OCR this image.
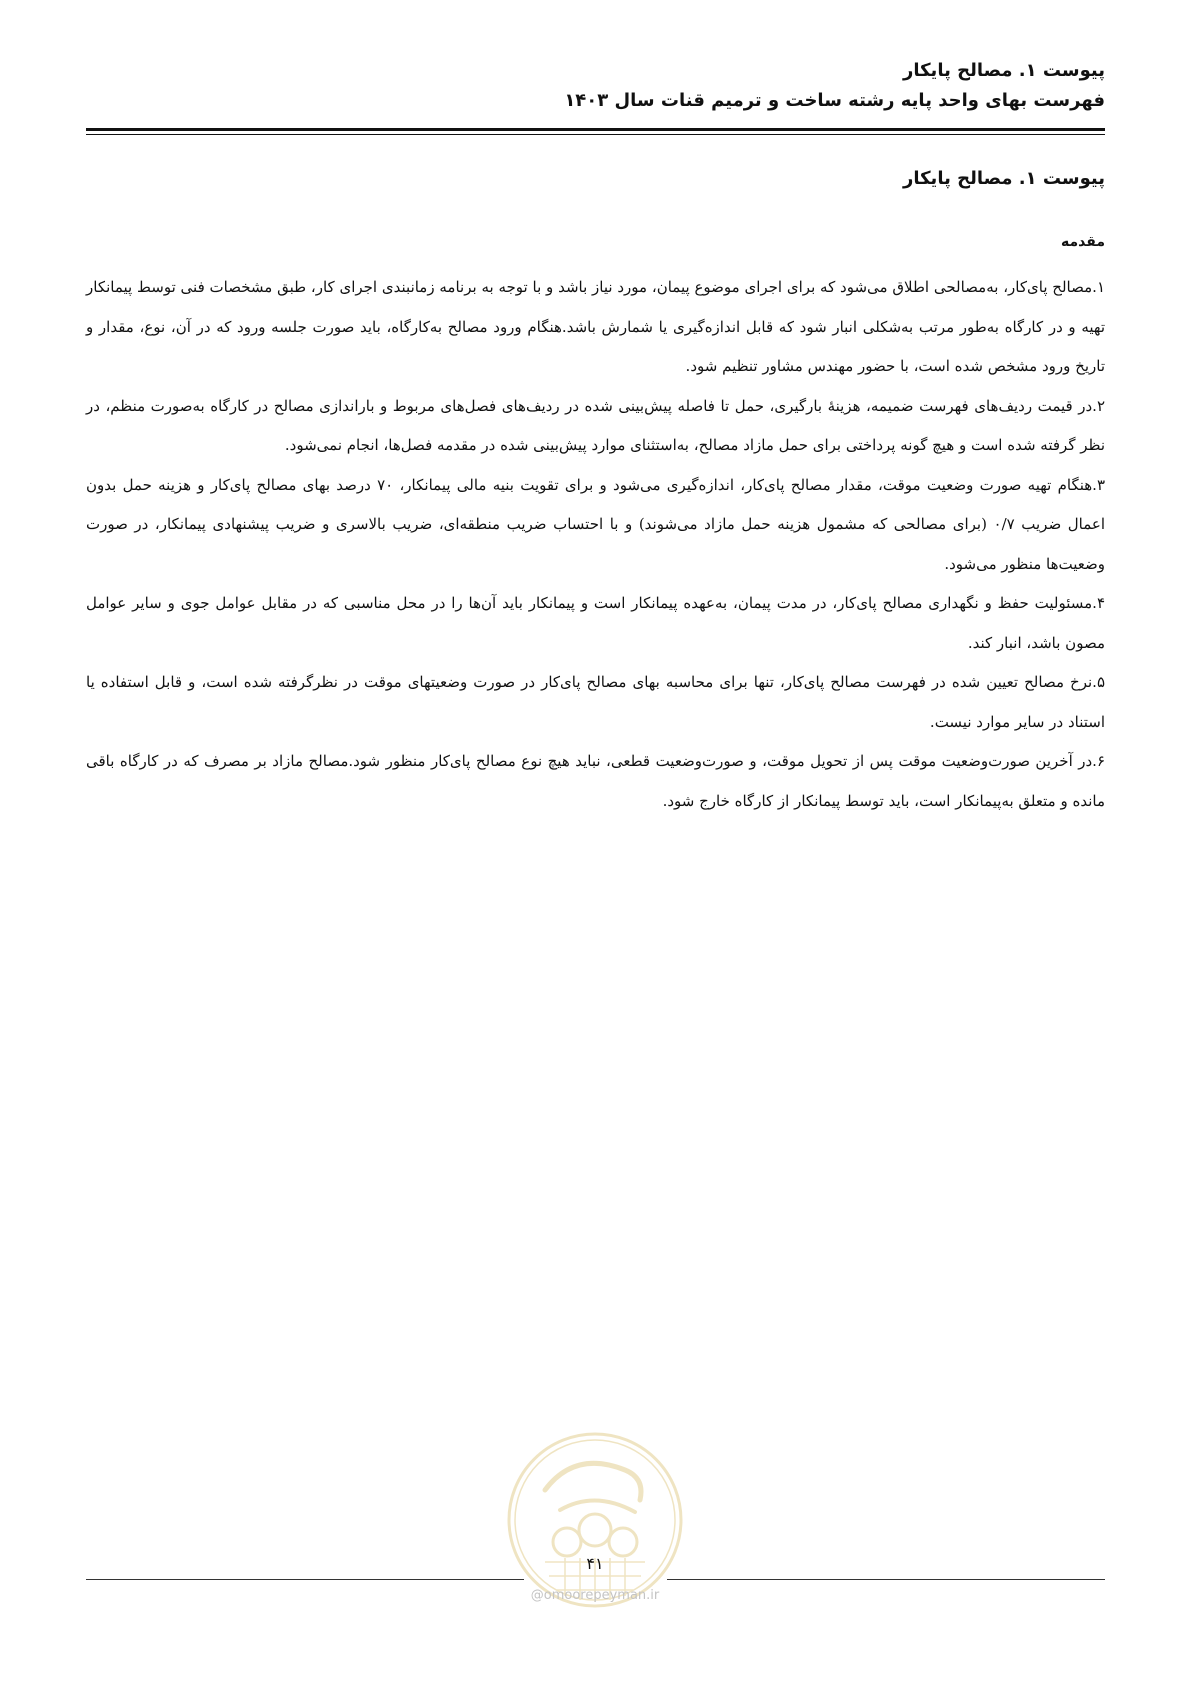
پیوست ۱. مصالح پایکار
فهرست بهای واحد پایه رشته ساخت و ترمیم قنات سال ۱۴۰۳
پیوست ۱. مصالح پایکار
مقدمه

۱.مصالح پای‌کار، به‌مصالحی اطلاق می‌شود که برای اجرای موضوع پیمان، مورد نیاز باشد و با توجه به برنامه زمانبندی اجرای کار، طبق مشخصات فنی توسط پیمانکار تهیه و در کارگاه به‌طور مرتب به‌شکلی انبار شود که قابل اندازه‌گیری یا شمارش باشد.هنگام ورود مصالح به‌کارگاه، باید صورت جلسه ورود که در آن، نوع، مقدار و تاریخ ورود مشخص شده است، با حضور مهندس مشاور تنظیم شود.

۲.در قیمت ردیف‌های فهرست ضمیمه، هزینهٔ بارگیری، حمل تا فاصله پیش‌بینی شده در ردیف‌های فصل‌های مربوط و باراندازی مصالح در کارگاه به‌صورت منظم، در نظر گرفته شده است و هیچ گونه پرداختی برای حمل مازاد مصالح، به‌استثنای موارد پیش‌بینی شده در مقدمه فصل‌ها، انجام نمی‌شود.

۳.هنگام تهیه صورت وضعیت موقت، مقدار مصالح پای‌کار، اندازه‌گیری می‌شود و برای تقویت بنیه مالی پیمانکار، ۷۰ درصد بهای مصالح پای‌کار و هزینه حمل بدون اعمال ضریب ۰/۷ (برای مصالحی که مشمول هزینه حمل مازاد می‌شوند) و با احتساب ضریب منطقه‌ای، ضریب بالاسری و ضریب پیشنهادی پیمانکار، در صورت وضعیت‌ها منظور می‌شود.

۴.مسئولیت حفظ و نگهداری مصالح پای‌کار، در مدت پیمان، به‌عهده پیمانکار است و پیمانکار باید آن‌ها را در محل مناسبی که در مقابل عوامل جوی و سایر عوامل مصون باشد، انبار کند.

۵.نرخ مصالح تعیین شده در فهرست مصالح پای‌کار، تنها برای محاسبه بهای مصالح پای‌کار در صورت وضعیتهای موقت در نظرگرفته شده است، و قابل استفاده یا استناد در سایر موارد نیست.

۶.در آخرین صورت‌وضعیت موقت پس از تحویل موقت، و صورت‌وضعیت قطعی، نباید هیچ نوع مصالح پای‌کار منظور شود.مصالح مازاد بر مصرف که در کارگاه باقی مانده و متعلق به‌پیمانکار است، باید توسط پیمانکار از کارگاه خارج شود.

۴۱
@omoorepeyman.ir
